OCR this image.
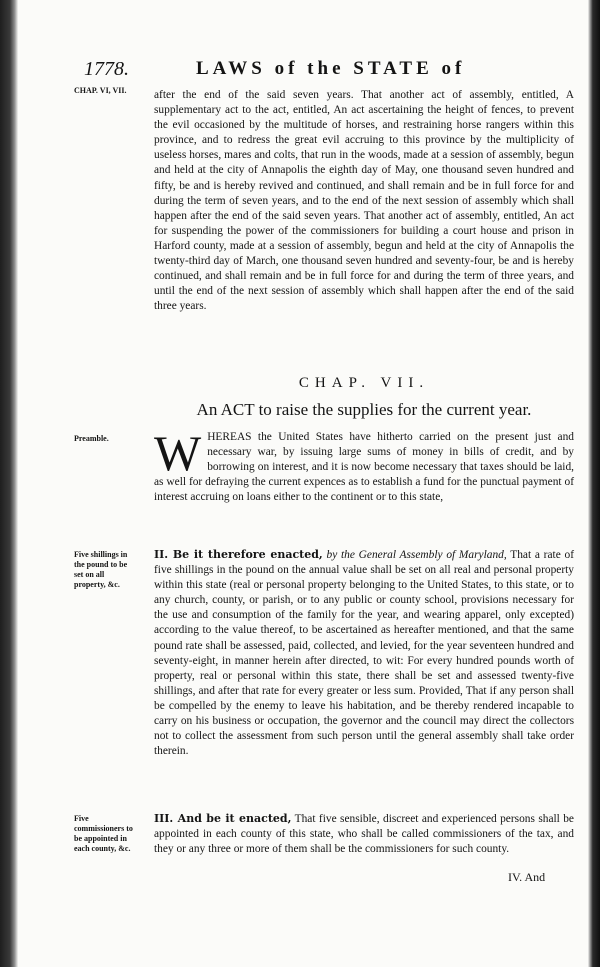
1778.	LAWS of the STATE of
CHAP. VI, VII.	after the end of the said seven years. That another act of assembly, entitled, A supplementary act to the act, entitled, An act ascertaining the height of fences, to prevent the evil occasioned by the multitude of horses, and restraining horse rangers within this province, and to redress the great evil accruing to this province by the multiplicity of useless horses, mares and colts, that run in the woods, made at a session of assembly, begun and held at the city of Annapolis the eighth day of May, one thousand seven hundred and fifty, be and is hereby revived and continued, and shall remain and be in full force for and during the term of seven years, and to the end of the next session of assembly which shall happen after the end of the said seven years. That another act of assembly, entitled, An act for suspending the power of the commissioners for building a court house and prison in Harford county, made at a session of assembly, begun and held at the city of Annapolis the twenty-third day of March, one thousand seven hundred and seventy-four, be and is hereby continued, and shall remain and be in full force for and during the term of three years, and until the end of the next session of assembly which shall happen after the end of the said three years.

CHAP. VII.
An ACT to raise the supplies for the current year.
Preamble. WHEREAS the United States have hitherto carried on the present just and necessary war, by issuing large sums of money in bills of credit, and by borrowing on interest, and it is now become necessary that taxes should be laid, as well for defraying the current expences as to establish a fund for the punctual payment of interest accruing on loans either to the continent or to this state,

Five shillings in the pound to be set on all property, &c.

II. Be it therefore enacted, by the General Assembly of Maryland, That a rate of five shillings in the pound on the annual value shall be set on all real and personal property within this state (real or personal property belonging to the United States, to this state, or to any church, county, or parish, or to any public or county school, provisions necessary for the use and consumption of the family for the year, and wearing apparel, only excepted) according to the value thereof, to be ascertained as hereafter mentioned, and that the same pound rate shall be assessed, paid, collected, and levied, for the year seventeen hundred and seventy-eight, in manner herein after directed, to wit: For every hundred pounds worth of property, real or personal within this state, there shall be set and assessed twenty-five shillings, and after that rate for every greater or less sum. Provided, That if any person shall be compelled by the enemy to leave his habitation, and be thereby rendered incapable to carry on his business or occupation, the governor and the council may direct the collectors not to collect the assessment from such person until the general assembly shall take order therein.

Five commissioners to be appointed in each county, &c.

III. And be it enacted, That five sensible, discreet and experienced persons shall be appointed in each county of this state, who shall be called commissioners of the tax, and they or any three or more of them shall be the commissioners for such county.

IV. And
